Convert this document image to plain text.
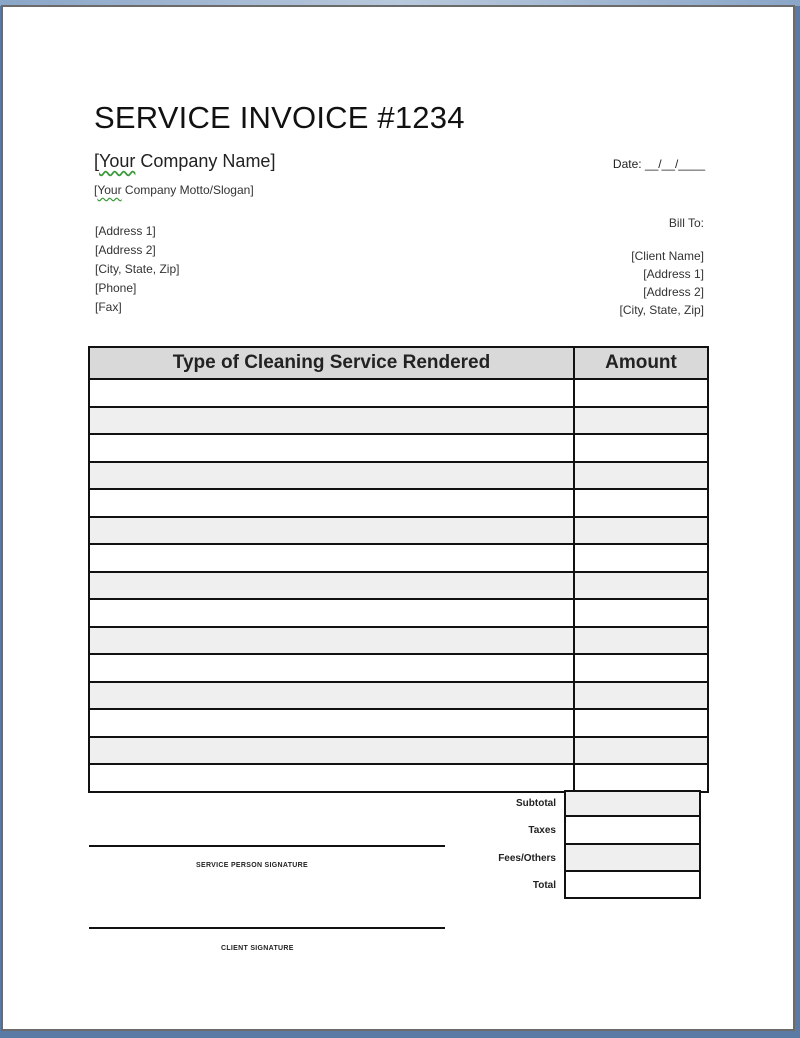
SERVICE INVOICE #1234
[Your Company Name]
[Your Company Motto/Slogan]
[Address 1]
[Address 2]
[City, State, Zip]
[Phone]
[Fax]
Date: __/__/____
Bill To:
[Client Name]
[Address 1]
[Address 2]
[City, State, Zip]
Type of Cleaning Service Rendered	Amount

Subtotal
Taxes
Fees/Others
Total
SERVICE PERSON SIGNATURE
CLIENT SIGNATURE
